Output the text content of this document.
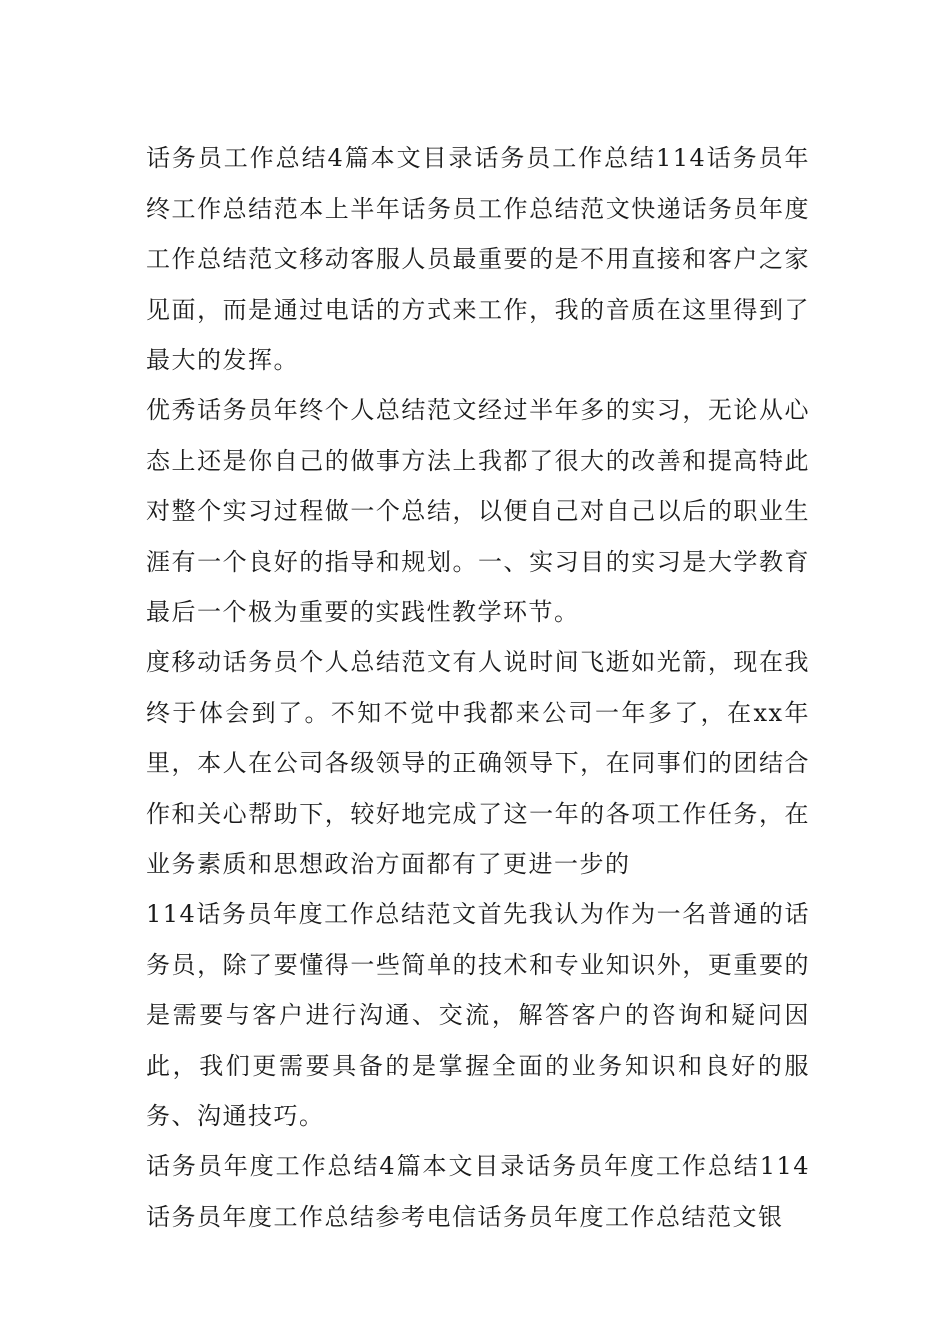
话务员工作总结4篇本文目录话务员工作总结114话务员年终工作总结范本上半年话务员工作总结范文快递话务员年度工作总结范文移动客服人员最重要的是不用直接和客户之家见面，而是通过电话的方式来工作，我的音质在这里得到了最大的发挥。

优秀话务员年终个人总结范文经过半年多的实习，无论从心态上还是你自己的做事方法上我都了很大的改善和提高特此对整个实习过程做一个总结，以便自己对自己以后的职业生涯有一个良好的指导和规划。一、实习目的实习是大学教育最后一个极为重要的实践性教学环节。

度移动话务员个人总结范文有人说时间飞逝如光箭，现在我终于体会到了。不知不觉中我都来公司一年多了，在xx年里，本人在公司各级领导的正确领导下，在同事们的团结合作和关心帮助下，较好地完成了这一年的各项工作任务，在业务素质和思想政治方面都有了更进一步的

114话务员年度工作总结范文首先我认为作为一名普通的话务员，除了要懂得一些简单的技术和专业知识外，更重要的是需要与客户进行沟通、交流，解答客户的咨询和疑问因此，我们更需要具备的是掌握全面的业务知识和良好的服务、沟通技巧。

话务员年度工作总结4篇本文目录话务员年度工作总结114话务员年度工作总结参考电信话务员年度工作总结范文银
